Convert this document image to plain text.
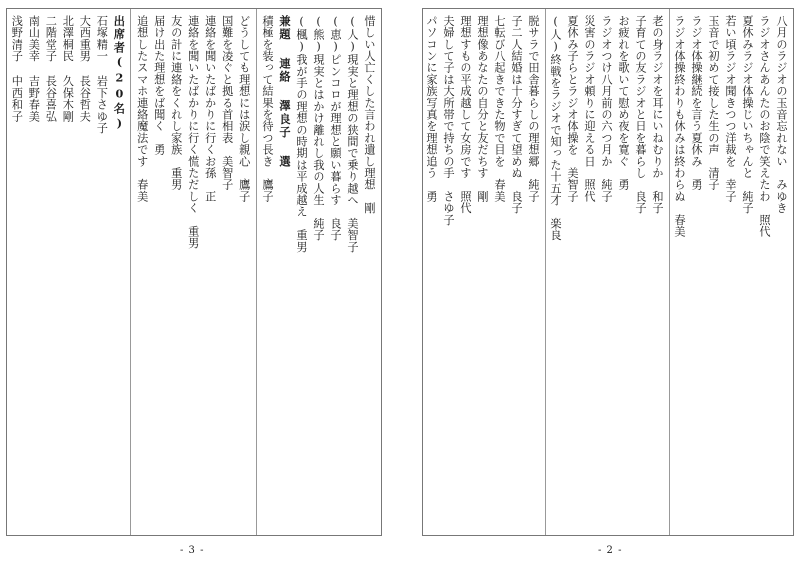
惜しい人亡くした言われ遺し理想　剛
(人)現実と理想の狭間で乗り越へ　美智子
(恵)ピンコロが理想と願い暮らす　良子
(熊)現実とはかけ離れし我の人生　純子
(楓)我が手の理想の時期は平成越え　重男
兼題 連絡 澤良子 選
積極を装って結果を待つ長き　鷹子
どうしても理想には涙し親心　鷹子
国難を凌ぐと拠る首相表　美智子
連絡を聞いたばかりに行くお孫　正
連絡を聞いたばかりに行く慌ただしく　重男
友の計に連絡をくれし家族　重男
届け出た理想をば聞く　勇
追想したスマホ連絡魔法です　春美
出席者(20名)
石塚精一 岩下さゆ子
大西重男 長谷哲夫
北澤桐民 久保木剛
二階堂子 長谷喜弘
南山美幸 吉野春美
浅野清子 中西和子
- 3 -
八月のラジオの玉音忘れない　みゆき
ラジオさんあんたのお陰で笑えたわ　照代
夏休みラジオ体操じいちゃんと　純子
若い頃ラジオ聞きつつ洋裁を　幸子
玉音で初めて接した生の声　清子
ラジオ体操継続を言う夏休み　勇
ラジオ体操終わりも休みは終わらぬ　春美
老の身ラジオを耳にいねむりか　和子
子育ての友ラジオと日を暮らし　良子
お疲れを歌いて慰め夜を寛ぐ　勇
ラジオつけ八月前の六つ月か　純子
災害のラジオ頼りに迎える日　照代
夏休み子らとラジオ体操を　美智子
(人)終戦をラジオで知った十五才　楽良
脱サラで田舎暮らしの理想郷　純子
子二人結婚は十分すぎて望めぬ　良子
七転び八起きできた物で目を　春美
理想像あなたの自分と友だちす　剛
理想すもの平成越して女房です　照代
夫婦して子は大所帯で持ちの手　さゆ子
パソコンに家族写真を理想追う　勇
- 2 -
